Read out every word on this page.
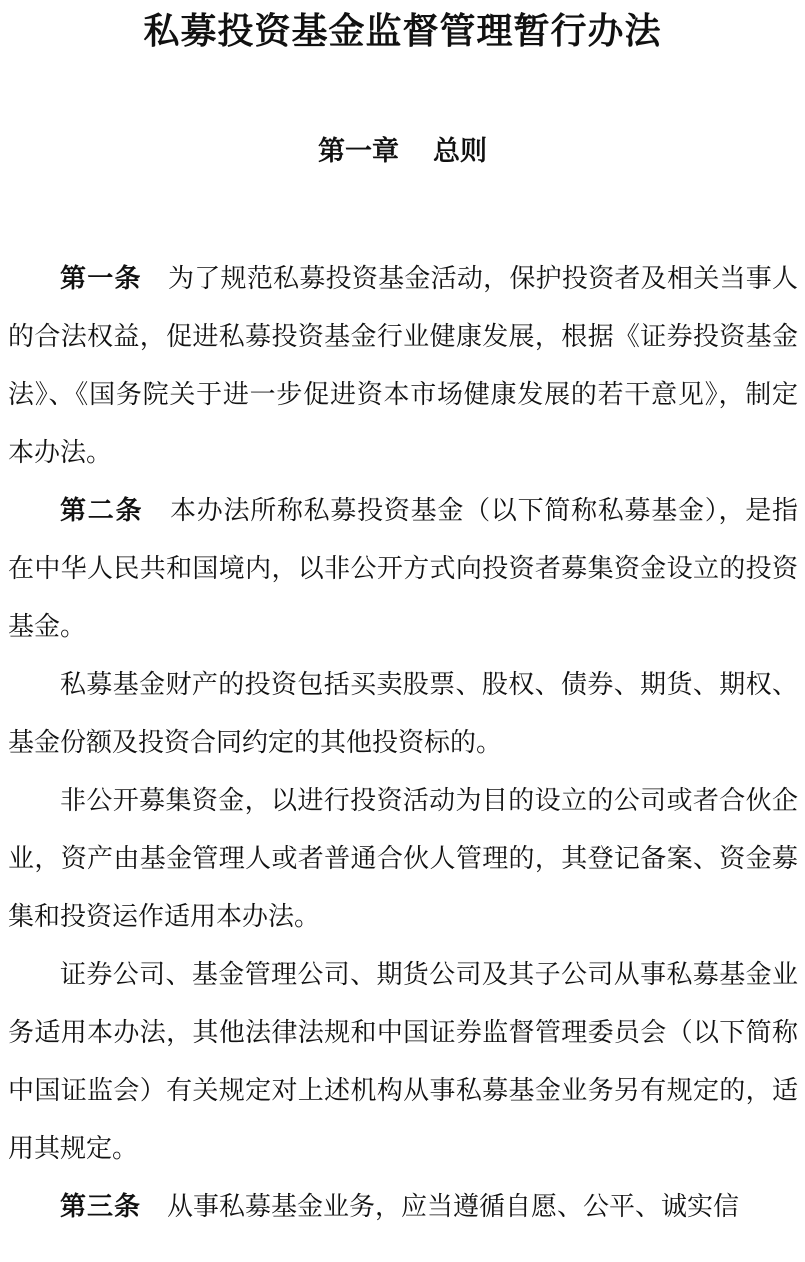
私募投资基金监督管理暂行办法
第一章 总则

第一条 为了规范私募投资基金活动，保护投资者及相关当事人的合法权益，促进私募投资基金行业健康发展，根据《证券投资基金法》、《国务院关于进一步促进资本市场健康发展的若干意见》，制定本办法。

第二条 本办法所称私募投资基金（以下简称私募基金），是指在中华人民共和国境内，以非公开方式向投资者募集资金设立的投资基金。

私募基金财产的投资包括买卖股票、股权、债券、期货、期权、基金份额及投资合同约定的其他投资标的。

非公开募集资金，以进行投资活动为目的设立的公司或者合伙企业，资产由基金管理人或者普通合伙人管理的，其登记备案、资金募集和投资运作适用本办法。

证券公司、基金管理公司、期货公司及其子公司从事私募基金业务适用本办法，其他法律法规和中国证券监督管理委员会（以下简称中国证监会）有关规定对上述机构从事私募基金业务另有规定的，适用其规定。

第三条 从事私募基金业务，应当遵循自愿、公平、诚实信
